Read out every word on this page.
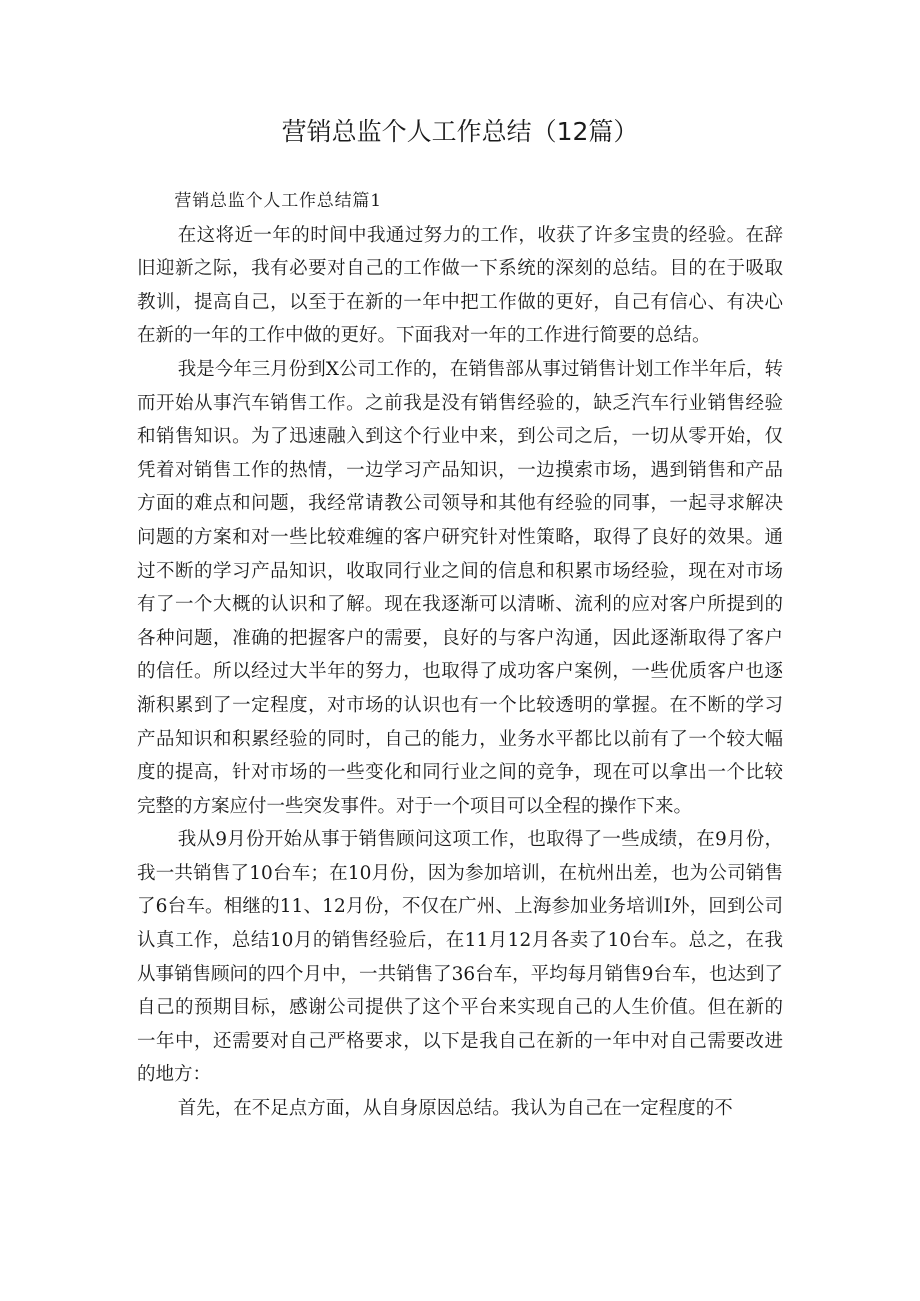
营销总监个人工作总结（12篇）

营销总监个人工作总结篇1

在这将近一年的时间中我通过努力的工作，收获了许多宝贵的经验。在辞旧迎新之际，我有必要对自己的工作做一下系统的深刻的总结。目的在于吸取教训，提高自己，以至于在新的一年中把工作做的更好，自己有信心、有决心在新的一年的工作中做的更好。下面我对一年的工作进行简要的总结。

我是今年三月份到X公司工作的，在销售部从事过销售计划工作半年后，转而开始从事汽车销售工作。之前我是没有销售经验的，缺乏汽车行业销售经验和销售知识。为了迅速融入到这个行业中来，到公司之后，一切从零开始，仅凭着对销售工作的热情，一边学习产品知识，一边摸索市场，遇到销售和产品方面的难点和问题，我经常请教公司领导和其他有经验的同事，一起寻求解决问题的方案和对一些比较难缠的客户研究针对性策略，取得了良好的效果。通过不断的学习产品知识，收取同行业之间的信息和积累市场经验，现在对市场有了一个大概的认识和了解。现在我逐渐可以清晰、流利的应对客户所提到的各种问题，准确的把握客户的需要，良好的与客户沟通，因此逐渐取得了客户的信任。所以经过大半年的努力，也取得了成功客户案例，一些优质客户也逐渐积累到了一定程度，对市场的认识也有一个比较透明的掌握。在不断的学习产品知识和积累经验的同时，自己的能力，业务水平都比以前有了一个较大幅度的提高，针对市场的一些变化和同行业之间的竞争，现在可以拿出一个比较完整的方案应付一些突发事件。对于一个项目可以全程的操作下来。

我从9月份开始从事于销售顾问这项工作，也取得了一些成绩，在9月份，我一共销售了10台车；在10月份，因为参加培训，在杭州出差，也为公司销售了6台车。相继的11、12月份，不仅在广州、上海参加业务培训I外，回到公司认真工作，总结10月的销售经验后，在11月12月各卖了10台车。总之，在我从事销售顾问的四个月中，一共销售了36台车，平均每月销售9台车，也达到了自己的预期目标，感谢公司提供了这个平台来实现自己的人生价值。但在新的一年中，还需要对自己严格要求，以下是我自己在新的一年中对自己需要改进的地方：

首先，在不足点方面，从自身原因总结。我认为自己在一定程度的不
